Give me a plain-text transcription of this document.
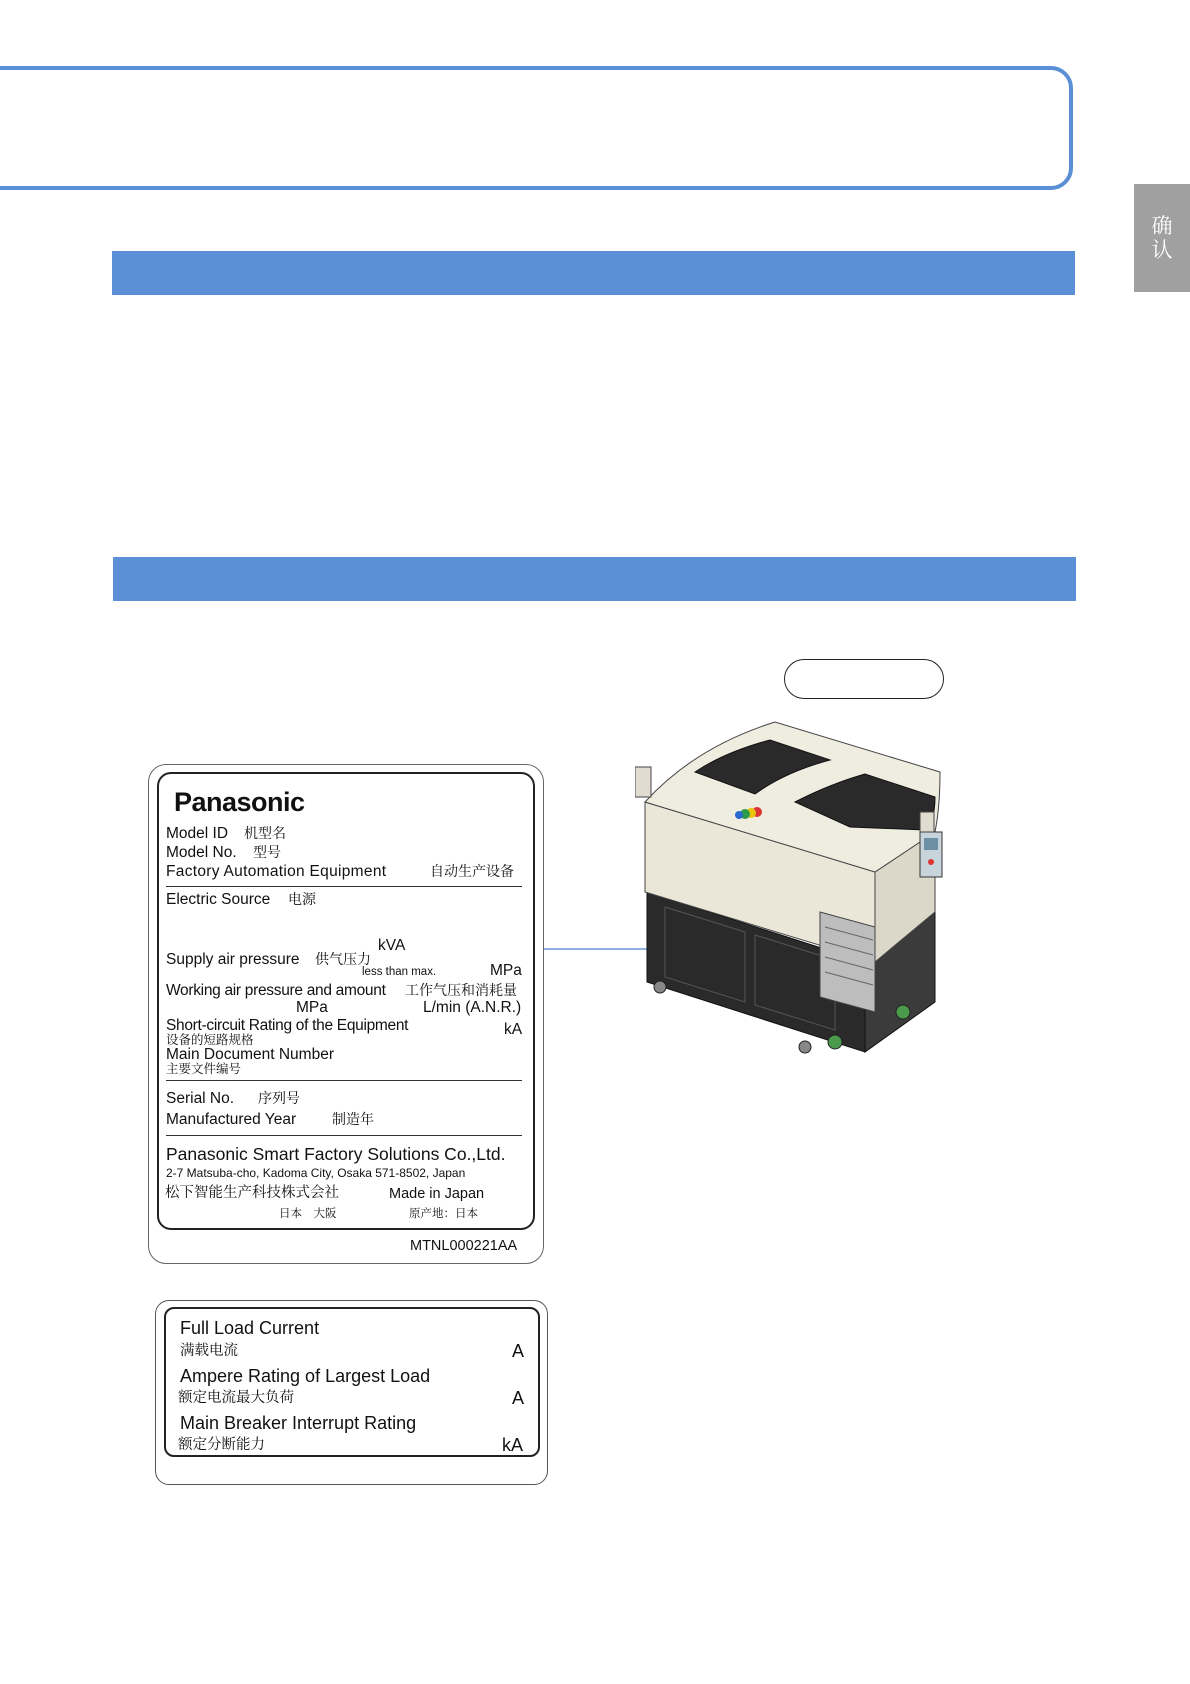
确认
Panasonic
Model ID 机型名
Model No. 型号
Factory Automation Equipment	自动生产设备
Electric Source 电源
kVA
Supply air pressure 供气压力
less than max.	MPa
Working air pressure and amount 工作气压和消耗量
MPa	L/min (A.N.R.)
Short-circuit Rating of the Equipment	kA
设备的短路规格
Main Document Number
主要文件编号
Serial No. 序列号
Manufactured Year	制造年
Panasonic Smart Factory Solutions Co.,Ltd.
2-7 Matsuba-cho, Kadoma City, Osaka 571-8502, Japan
松下智能生产科技株式会社	Made in Japan
日本　大阪	原产地：日本
MTNL000221AA
Full Load Current
满载电流	A
Ampere Rating of Largest Load
额定电流最大负荷	A
Main Breaker Interrupt Rating
额定分断能力	kA
